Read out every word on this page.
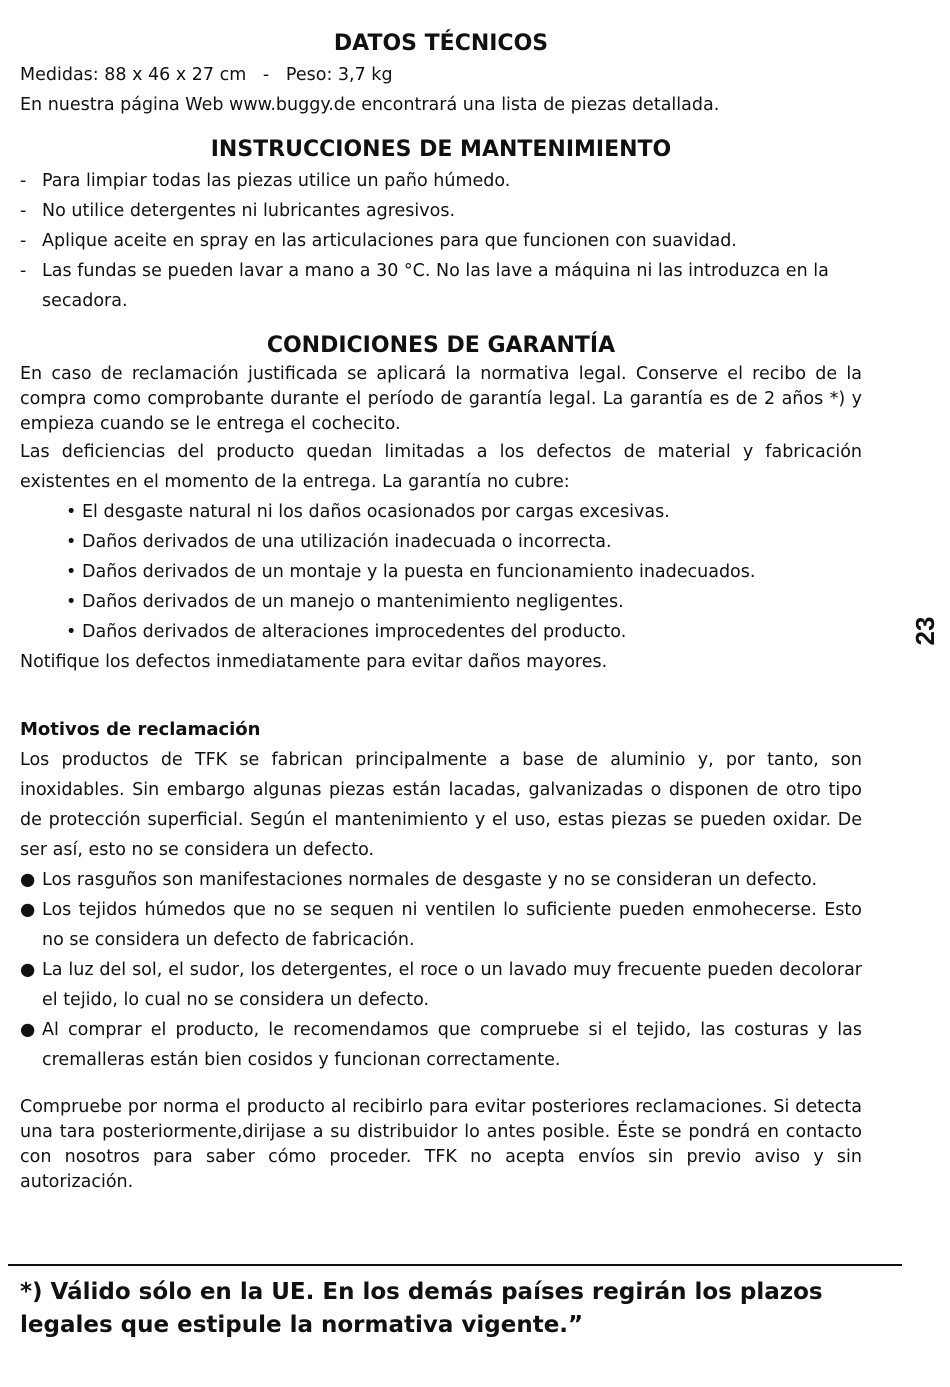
DATOS TÉCNICOS
Medidas: 88 x 46 x 27 cm   -   Peso: 3,7 kg
En nuestra página Web www.buggy.de encontrará una lista de piezas detallada.
INSTRUCCIONES DE MANTENIMIENTO
- Para limpiar todas las piezas utilice un paño húmedo.
- No utilice detergentes ni lubricantes agresivos.
- Aplique aceite en spray en las articulaciones para que funcionen con suavidad.
- Las fundas se pueden lavar a mano a 30 °C. No las lave a máquina ni las introduzca en la secadora.
CONDICIONES DE GARANTÍA
En caso de reclamación justificada se aplicará la normativa legal. Conserve el recibo de la compra como comprobante durante el período de garantía legal. La garantía es de 2 años *) y empieza cuando se le entrega el cochecito.
Las deficiencias del producto quedan limitadas a los defectos de material y fabricación existentes en el momento de la entrega. La garantía no cubre:
• El desgaste natural ni los daños ocasionados por cargas excesivas.
• Daños derivados de una utilización inadecuada o incorrecta.
• Daños derivados de un montaje y la puesta en funcionamiento inadecuados.
• Daños derivados de un manejo o mantenimiento negligentes.
• Daños derivados de alteraciones improcedentes del producto.
Notifique los defectos inmediatamente para evitar daños mayores.
Motivos de reclamación
Los productos de TFK se fabrican principalmente a base de aluminio y, por tanto, son inoxidables. Sin embargo algunas piezas están lacadas, galvanizadas o disponen de otro tipo de protección superficial. Según el mantenimiento y el uso, estas piezas se pueden oxidar. De ser así, esto no se considera un defecto.
● Los rasguños son manifestaciones normales de desgaste y no se consideran un defecto.
● Los tejidos húmedos que no se sequen ni ventilen lo suficiente pueden enmohecerse. Esto no se considera un defecto de fabricación.
● La luz del sol, el sudor, los detergentes, el roce o un lavado muy frecuente pueden decolorar el tejido, lo cual no se considera un defecto.
● Al comprar el producto, le recomendamos que compruebe si el tejido, las costuras y las cremalleras están bien cosidos y funcionan correctamente.
Compruebe por norma el producto al recibirlo para evitar posteriores reclamaciones. Si detecta una tara posteriormente,dirijase a su distribuidor lo antes posible. Éste se pondrá en contacto con nosotros para saber cómo proceder. TFK no acepta envíos sin previo aviso y sin autorización.
*) Válido sólo en la UE. En los demás países regirán los plazos legales que estipule la normativa vigente.”
23
